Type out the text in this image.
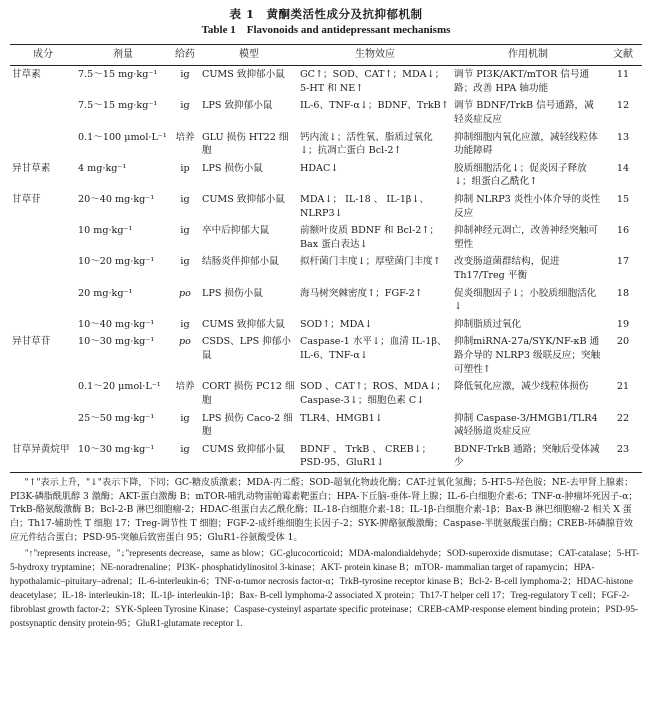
表 1　黄酮类活性成分及抗抑郁机制
Table 1　Flavonoids and antidepressant mechanisms
成分	剂量	给药	模型	生物效应	作用机制	文献
甘草素	7.5～15 mg·kg⁻¹	ig	CUMS 致抑郁小鼠	GC↑；SOD、CAT↑；MDA↓；5-HT 和 NE↑	调节 PI3K/AKT/mTOR 信号通路；改善 HPA 轴功能	11
	7.5～15 mg·kg⁻¹	ig	LPS 致抑郁小鼠	IL-6、TNF-α↓；BDNF、TrkB↑	调节 BDNF/TrkB 信号通路，减轻炎症反应	12
	0.1～100 μmol·L⁻¹	培养	GLU 损伤 HT22 细胞	钙内流↓；活性氧、脂质过氧化↓；抗凋亡蛋白 Bcl-2↑	抑制细胞内氧化应激，减轻线粒体功能障碍	13
异甘草素	4 mg·kg⁻¹	ip	LPS 损伤小鼠	HDAC↓	胶质细胞活化↓；促炎因子释放↓；组蛋白乙酰化↑	14
甘草苷	20～40 mg·kg⁻¹	ig	CUMS 致抑郁小鼠	MDA↓； IL-18 、 IL-1β↓、NLRP3↓	抑制 NLRP3 炎性小体介导的炎性反应	15
	10 mg·kg⁻¹	ig	卒中后抑郁大鼠	前额叶皮质 BDNF 和 Bcl-2↑；Bax 蛋白表达↓	抑制神经元凋亡，改善神经突触可塑性	16
	10～20 mg·kg⁻¹	ig	结肠炎伴抑郁小鼠	拟杆菌门丰度↓；厚壁菌门丰度↑	改变肠道菌群结构，促进 Th17/Treg 平衡	17
	20 mg·kg⁻¹	po	LPS 损伤小鼠	海马树突棘密度↑；FGF-2↑	促炎细胞因子↓；小胶质细胞活化↓	18
	10～40 mg·kg⁻¹	ig	CUMS 致抑郁大鼠	SOD↑；MDA↓	抑制脂质过氧化	19
异甘草苷	10～30 mg·kg⁻¹	po	CSDS、LPS 抑郁小鼠	Caspase-1 水平↓；血清 IL-1β、IL-6、TNF-α↓	抑制miRNA-27a/SYK/NF-κB 通路介导的 NLRP3 级联反应；突触可塑性↑	20
	0.1～20 μmol·L⁻¹	培养	CORT 损伤 PC12 细胞	SOD 、CAT↑；ROS、MDA↓；Caspase-3↓；细胞色素 C↓	降低氧化应激，减少线粒体损伤	21
	25～50 mg·kg⁻¹	ig	LPS 损伤 Caco-2 细胞	TLR4、HMGB1↓	抑制 Caspase-3/HMGB1/TLR4 减轻肠道炎症反应	22
甘草异黄烷甲	10～30 mg·kg⁻¹	ig	CUMS 致抑郁小鼠	BDNF 、 TrkB 、 CREB↓； PSD-95、GluR1↓	BDNF-TrkB 通路；突触后受体减少	23

"↑"表示上升，"↓"表示下降，下同；GC-糖皮质激素；MDA-丙二醛；SOD-超氧化物歧化酶；CAT-过氧化氢酶；5-HT-5-羟色胺；NE-去甲肾上腺素；PI3K-磷脂酰肌醇 3 激酶；AKT-蛋白激酶 B；mTOR-哺乳动物雷帕霉素靶蛋白；HPA-下丘脑-垂体-肾上腺；IL-6-白细胞介素-6；TNF-α-肿瘤坏死因子-α；TrkB-酪氨酸激酶 B；Bcl-2-B 淋巴细胞瘤-2；HDAC-组蛋白去乙酰化酶；IL-18-白细胞介素-18；IL-1β-白细胞介素-1β；Bax-B 淋巴细胞瘤-2 相关 X 蛋白；Th17-辅助性 T 细胞 17；Treg-调节性 T 细胞；FGF-2-成纤维细胞生长因子-2；SYK-脾酪氨酸激酶；Caspase-半胱氨酸蛋白酶；CREB-环磷腺苷效应元件结合蛋白；PSD-95-突触后致密蛋白 95；GluR1-谷氨酸受体 1。

"↑"represents increase，"↓"represents decrease，same as blow；GC-glucocorticoid；MDA-malondialdehyde；SOD-superoxide dismutase；CAT-catalase；5-HT-5-hydroxy tryptamine；NE-noradrenaline；PI3K- phosphatidylinositol 3-kinase；AKT- protein kinase B；mTOR- mammalian target of rapamycin；HPA-hypothalamic–pituitary–adrenal；IL-6-interleukin-6；TNF-α-tumor necrosis factor-α；TrkB-tyrosine receptor kinase B；Bcl-2- B-cell lymphoma-2；HDAC-histone deacetylase；IL-18- interleukin-18；IL-1β- interleukin-1β；Bax- B-cell lymphoma-2 associated X protein；Th17-T helper cell 17；Treg-regulatory T cell；FGF-2- fibroblast growth factor-2；SYK-Spleen Tyrosine Kinase；Caspase-cysteinyl aspartate specific proteinase；CREB-cAMP-response element binding protein；PSD-95-postsynaptic density protein-95；GluR1-glutamate receptor 1.
